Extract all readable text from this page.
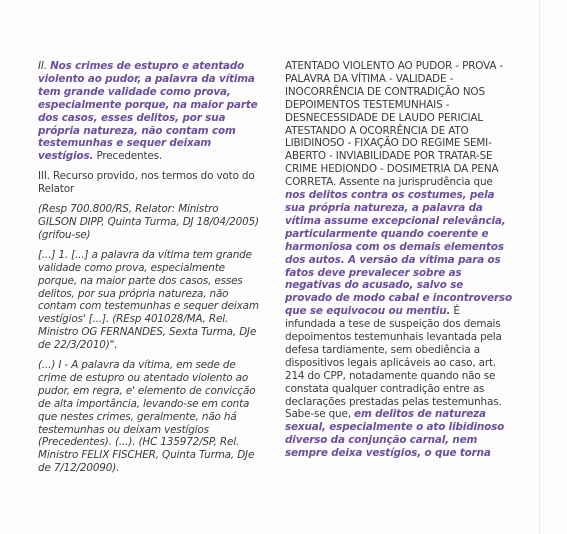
II. Nos crimes de estupro e atentado violento ao pudor, a palavra da vítima tem grande validade como prova, especialmente porque, na maior parte dos casos, esses delitos, por sua própria natureza, não contam com testemunhas e sequer deixam vestígios. Precedentes.

III. Recurso provido, nos termos do voto do Relator

(Resp 700.800/RS, Relator: Ministro GILSON DIPP, Quinta Turma, DJ 18/04/2005) (grifou-se)

[...] 1. [...] a palavra da vítima tem grande validade como prova, especialmente porque, na maior parte dos casos, esses delitos, por sua própria natureza, não contam com testemunhas e sequer deixam vestígios' [...]. (REsp 401028/MA, Rel. Ministro OG FERNANDES, Sexta Turma, DJe de 22/3/2010)".

(...) I - A palavra da vítima, em sede de crime de estupro ou atentado violento ao pudor, em regra, e' elemento de convicção de alta importância, levando-se em conta que nestes crimes, geralmente, não há testemunhas ou deixam vestígios (Precedentes). (...). (HC 135972/SP, Rel. Ministro FELIX FISCHER, Quinta Turma, DJe de 7/12/20090).

ATENTADO VIOLENTO AO PUDOR - PROVA - PALAVRA DA VÍTIMA - VALIDADE - INOCORRÊNCIA DE CONTRADIÇÃO NOS DEPOIMENTOS TESTEMUNHAIS - DESNECESSIDADE DE LAUDO PERICIAL ATESTANDO A OCORRÊNCIA DE ATO LIBIDINOSO - FIXAÇÃO DO REGIME SEMI-ABERTO - INVIABILIDADE POR TRATAR-SE CRIME HEDIONDO - DOSIMETRIA DA PENA CORRETA. Assente na jurisprudência que nos delitos contra os costumes, pela sua própria natureza, a palavra da vítima assume excepcional relevância, particularmente quando coerente e harmoniosa com os demais elementos dos autos. A versão da vítima para os fatos deve prevalecer sobre as negativas do acusado, salvo se provado de modo cabal e incontroverso que se equivocou ou mentiu. É infundada a tese de suspeição dos demais depoimentos testemunhais levantada pela defesa tardiamente, sem obediência a dispositivos legais aplicáveis ao caso, art. 214 do CPP, notadamente quando não se constata qualquer contradição entre as declarações prestadas pelas testemunhas. Sabe-se que, em delitos de natureza sexual, especialmente o ato libidinoso diverso da conjunção carnal, nem sempre deixa vestígios, o que torna
